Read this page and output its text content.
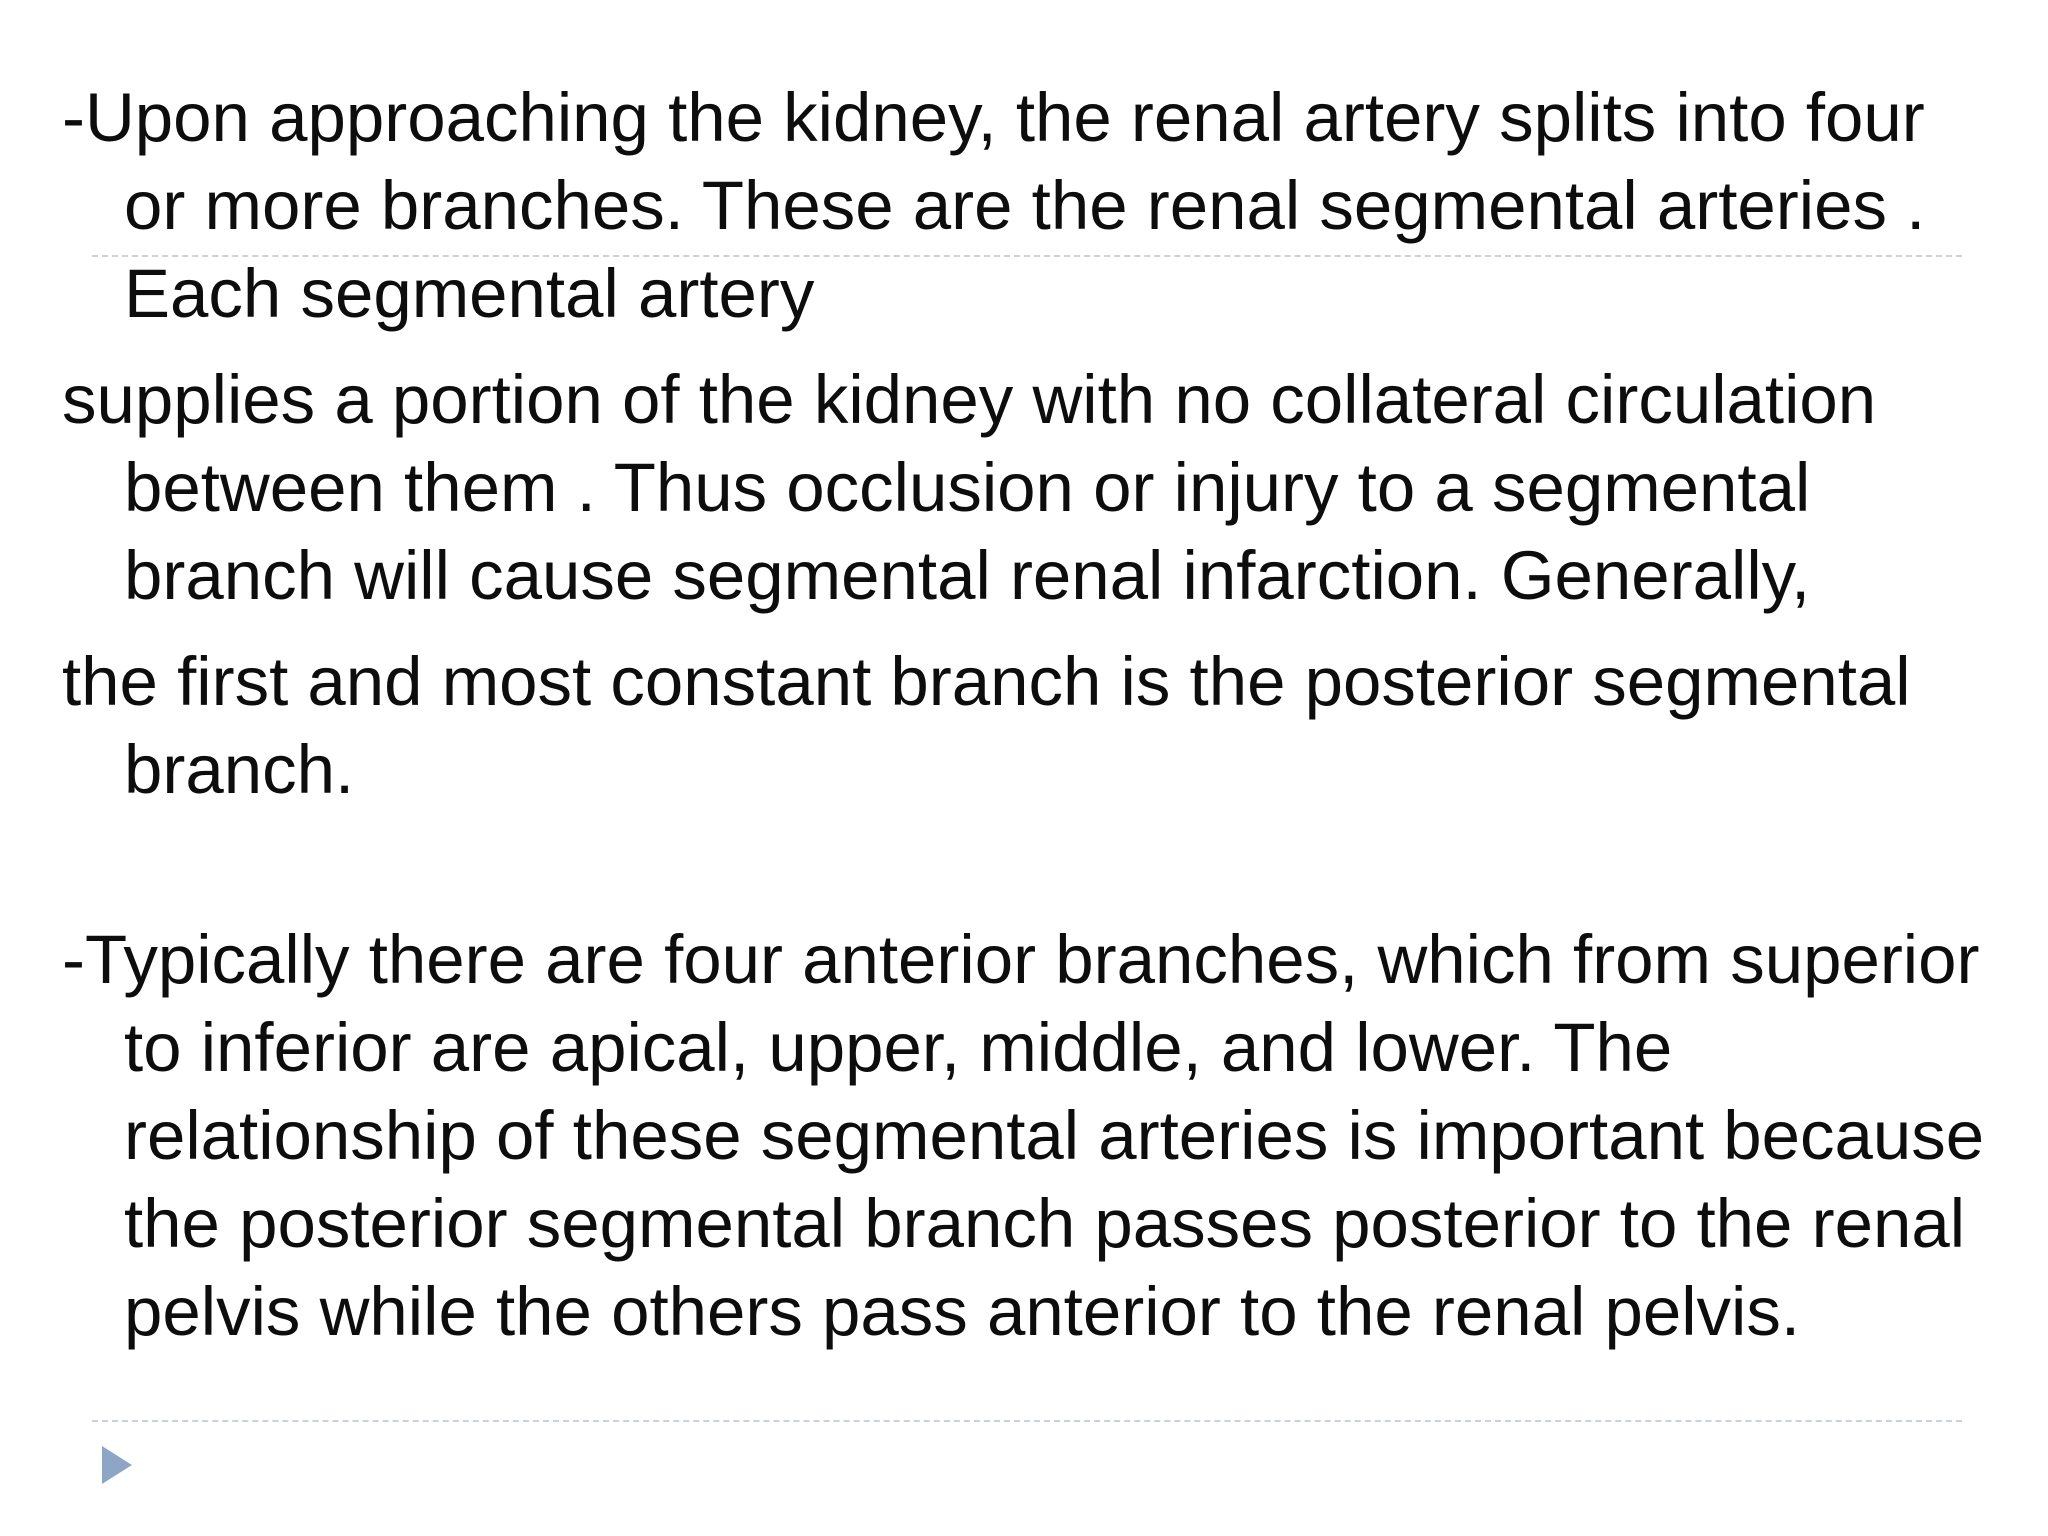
-Upon approaching the kidney, the renal artery splits into four or more branches. These are the renal segmental arteries . Each segmental artery

supplies a portion of the kidney with no collateral circulation between them . Thus occlusion or injury to a segmental branch will cause segmental renal infarction. Generally,

the first and most constant branch is the posterior segmental branch.

-Typically there are four anterior branches, which from superior to inferior are apical, upper, middle, and lower. The relationship of these segmental arteries is important because the posterior segmental branch passes posterior to the renal pelvis while the others pass anterior to the renal pelvis.
